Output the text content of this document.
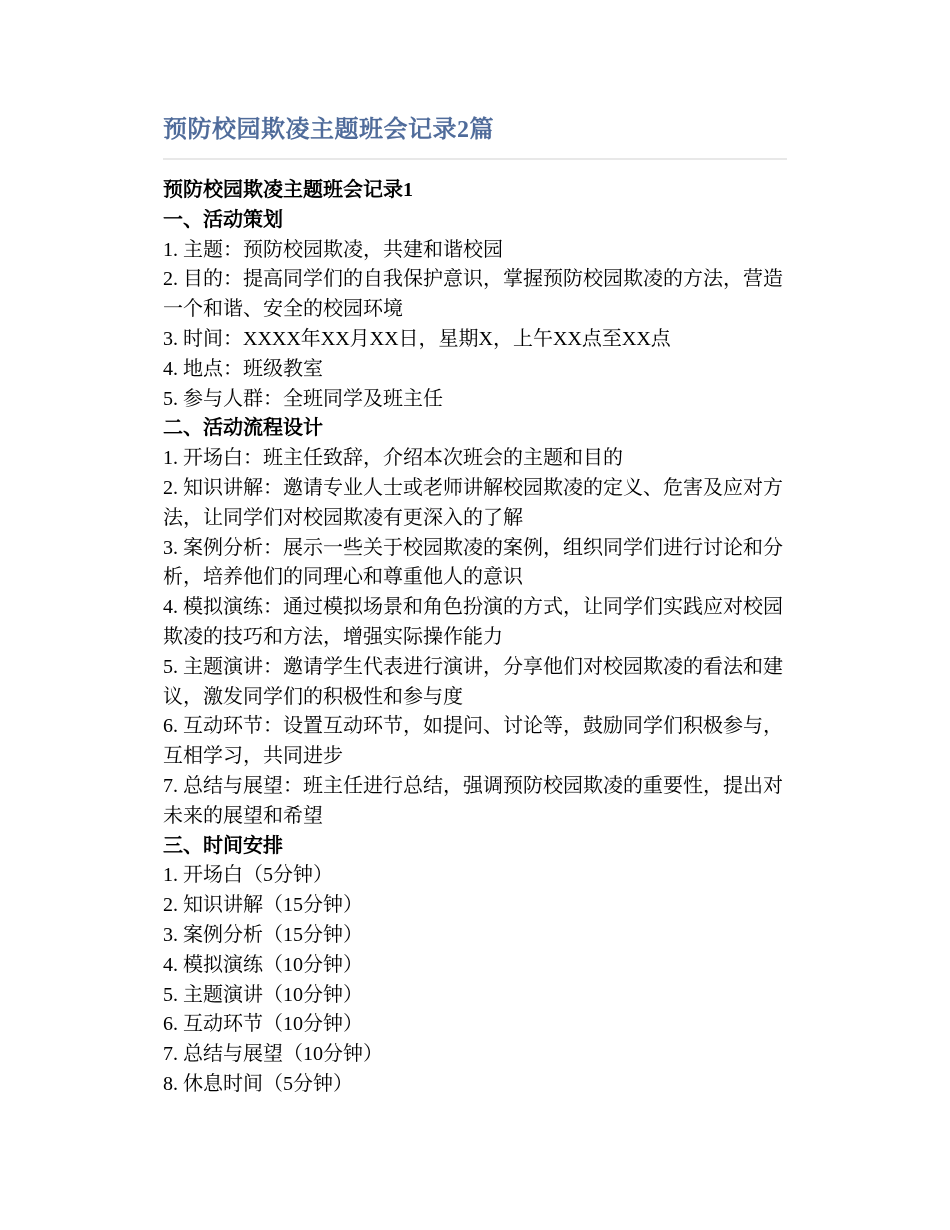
预防校园欺凌主题班会记录2篇

预防校园欺凌主题班会记录1

一、活动策划

1. 主题：预防校园欺凌，共建和谐校园

2. 目的：提高同学们的自我保护意识，掌握预防校园欺凌的方法，营造一个和谐、安全的校园环境

3. 时间：XXXX年XX月XX日，星期X，上午XX点至XX点

4. 地点：班级教室

5. 参与人群：全班同学及班主任

二、活动流程设计

1. 开场白：班主任致辞，介绍本次班会的主题和目的

2. 知识讲解：邀请专业人士或老师讲解校园欺凌的定义、危害及应对方法，让同学们对校园欺凌有更深入的了解

3. 案例分析：展示一些关于校园欺凌的案例，组织同学们进行讨论和分析，培养他们的同理心和尊重他人的意识

4. 模拟演练：通过模拟场景和角色扮演的方式，让同学们实践应对校园欺凌的技巧和方法，增强实际操作能力

5. 主题演讲：邀请学生代表进行演讲，分享他们对校园欺凌的看法和建议，激发同学们的积极性和参与度

6. 互动环节：设置互动环节，如提问、讨论等，鼓励同学们积极参与，互相学习，共同进步

7. 总结与展望：班主任进行总结，强调预防校园欺凌的重要性，提出对未来的展望和希望

三、时间安排

1. 开场白（5分钟）

2. 知识讲解（15分钟）

3. 案例分析（15分钟）

4. 模拟演练（10分钟）

5. 主题演讲（10分钟）

6. 互动环节（10分钟）

7. 总结与展望（10分钟）

8. 休息时间（5分钟）
